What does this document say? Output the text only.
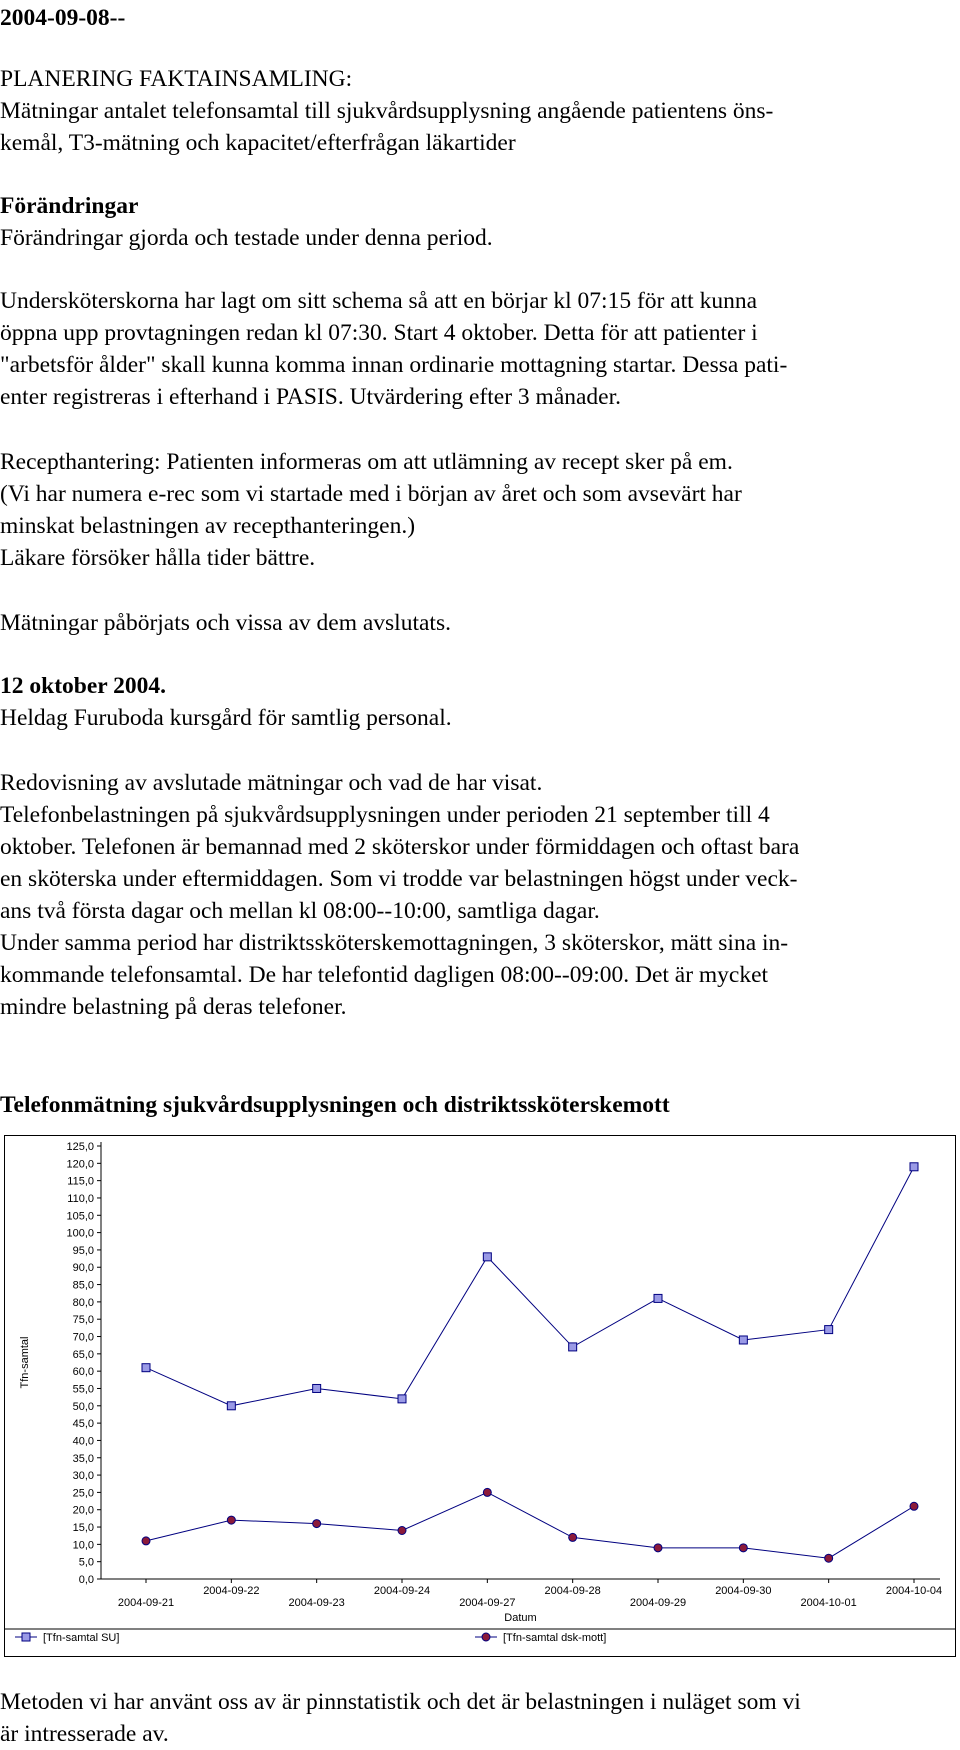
2004-09-08--

PLANERING FAKTAINSAMLING:

Mätningar antalet telefonsamtal till sjukvårdsupplysning angående patientens öns-

kemål, T3-mätning och kapacitet/efterfrågan läkartider

Förändringar

Förändringar gjorda och testade under denna period.

Undersköterskorna har lagt om sitt schema så att en börjar kl 07:15 för att kunna

öppna upp provtagningen redan kl 07:30. Start 4 oktober. Detta för att patienter i

"arbetsför ålder" skall kunna komma innan ordinarie mottagning startar. Dessa pati-

enter registreras i efterhand i PASIS. Utvärdering efter 3 månader.

Recepthantering: Patienten informeras om att utlämning av recept sker på em.

(Vi har numera e-rec som vi startade med i början av året och som avsevärt har

minskat belastningen av recepthanteringen.)

Läkare försöker hålla tider bättre.

Mätningar påbörjats och vissa av dem avslutats.

12 oktober 2004.

Heldag Furuboda kursgård för samtlig personal.

Redovisning av avslutade mätningar och vad de har visat.

Telefonbelastningen på sjukvårdsupplysningen under perioden 21 september till 4

oktober. Telefonen är bemannad med 2 sköterskor under förmiddagen och oftast bara

en sköterska under eftermiddagen. Som vi trodde var belastningen högst under veck-

ans två första dagar och mellan kl 08:00--10:00, samtliga dagar.

Under samma period har distriktssköterskemottagningen, 3 sköterskor, mätt sina in-

kommande telefonsamtal. De har telefontid dagligen 08:00--09:00. Det är mycket

mindre belastning på deras telefoner.

Telefonmätning sjukvårdsupplysningen och distriktssköterskemott

0,0
5,0
10,0
15,0
20,0
25,0
30,0
35,0
40,0
45,0
50,0
55,0
60,0
65,0
70,0
75,0
80,0
85,0
90,0
95,0
100,0
105,0
110,0
115,0
120,0
125,0
Tfn-samtal
2004-09-21
2004-09-22
2004-09-23
2004-09-24
2004-09-27
2004-09-28
2004-09-29
2004-09-30
2004-10-01
2004-10-04
Datum
[Tfn-samtal SU]	[Tfn-samtal dsk-mott]

Metoden vi har använt oss av är pinnstatistik och det är belastningen i nuläget som vi

är intresserade av.
